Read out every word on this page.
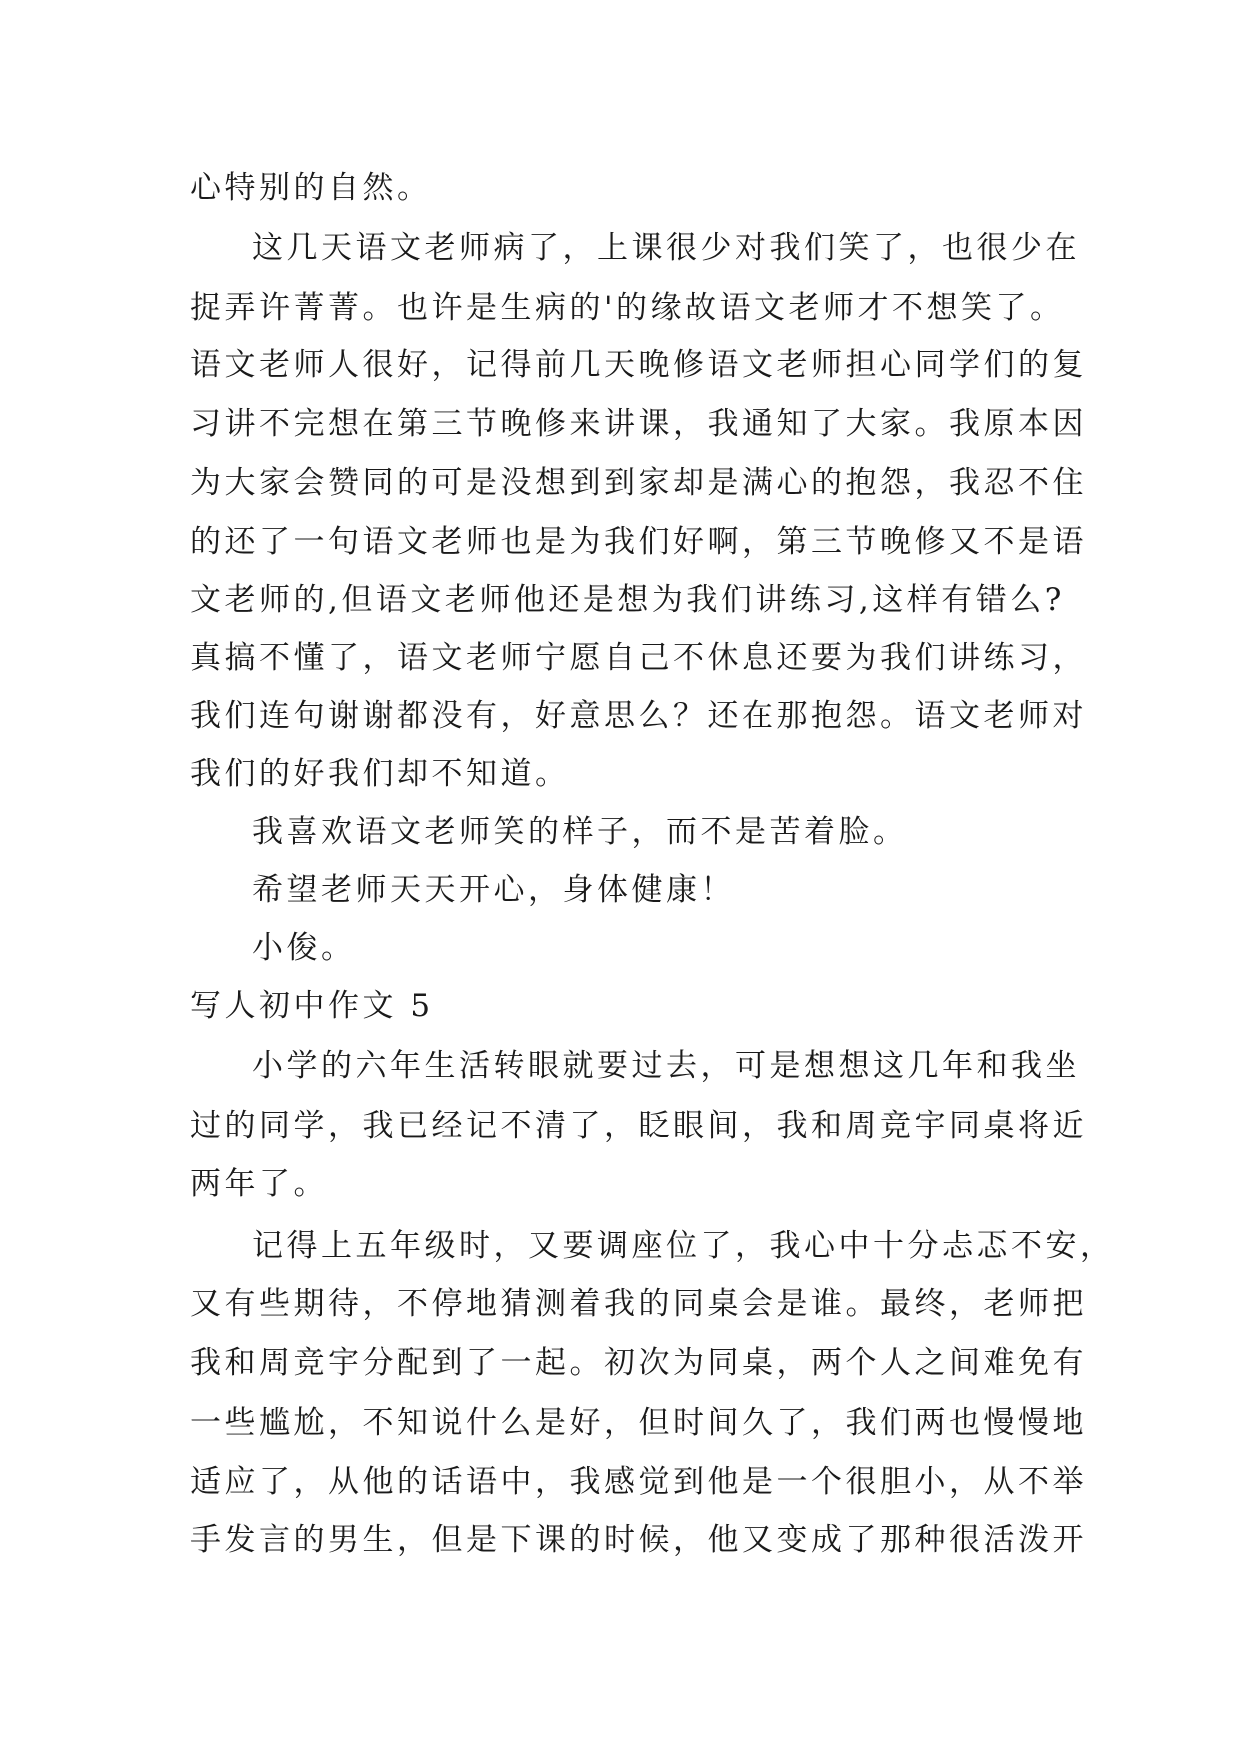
心特别的自然。
这几天语文老师病了，上课很少对我们笑了，也很少在
捉弄许菁菁。也许是生病的'的缘故语文老师才不想笑了。
语文老师人很好，记得前几天晚修语文老师担心同学们的复
习讲不完想在第三节晚修来讲课，我通知了大家。我原本因
为大家会赞同的可是没想到到家却是满心的抱怨，我忍不住
的还了一句语文老师也是为我们好啊，第三节晚修又不是语
文老师的,但语文老师他还是想为我们讲练习,这样有错么?
真搞不懂了，语文老师宁愿自己不休息还要为我们讲练习，
我们连句谢谢都没有，好意思么？还在那抱怨。语文老师对
我们的好我们却不知道。
我喜欢语文老师笑的样子，而不是苦着脸。
希望老师天天开心，身体健康！
小俊。
写人初中作文 5
小学的六年生活转眼就要过去，可是想想这几年和我坐
过的同学，我已经记不清了，眨眼间，我和周竞宇同桌将近
两年了。
记得上五年级时，又要调座位了，我心中十分忐忑不安，
又有些期待，不停地猜测着我的同桌会是谁。最终，老师把
我和周竞宇分配到了一起。初次为同桌，两个人之间难免有
一些尴尬，不知说什么是好，但时间久了，我们两也慢慢地
适应了，从他的话语中，我感觉到他是一个很胆小，从不举
手发言的男生，但是下课的时候，他又变成了那种很活泼开
